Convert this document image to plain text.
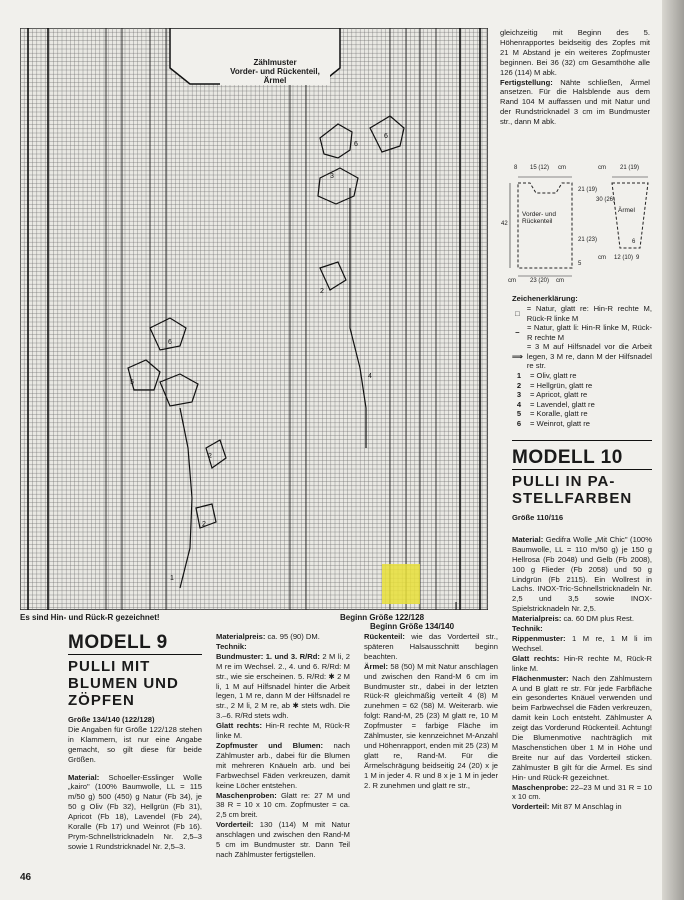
3
6
6
2
4
5
6
2
2
1
Zählmuster
Vorder- und Rückenteil,
Ärmel
Es sind Hin- und Rück-R gezeichnet!	Beginn Größe 122/128
Beginn Größe 134/140

gleichzeitig mit Beginn des 5. Höhenrapportes beidseitig des Zopfes mit 21 M Abstand je ein weiteres Zopfmuster beginnen. Bei 36 (32) cm Gesamthöhe alle 126 (114) M abk.

Fertigstellung: Nähte schließen, Ärmel ansetzen. Für die Halsblende aus dem Rand 104 M auffassen und mit Natur und der Rundstricknadel 3 cm im Bundmuster str., dann M abk.

8 15 (12) cm	cm 21 (19)
42
21 (19)
21 (23)
5
30 (26)
6
cm
23 (20)
cm
12 (10) 9
cm
Vorder- und Rückenteil
Ärmel
Zeichenerklärung:
□
= Natur, glatt re: Hin-R rechte M, Rück-R linke M
−
= Natur, glatt li: Hin-R linke M, Rück-R rechte M
⟹
= 3 M auf Hilfsnadel vor die Arbeit legen, 3 M re, dann M der Hilfsnadel re str.
1	= Oliv, glatt re
2	= Hellgrün, glatt re
3	= Apricot, glatt re
4	= Lavendel, glatt re
5	= Koralle, glatt re
6	= Weinrot, glatt re
MODELL 10
PULLI IN PA-
STELLFARBEN

Größe 110/116

Material: Gedifra Wolle „Mit Chic" (100% Baumwolle, LL = 110 m/50 g) je 150 g Hellrosa (Fb 2048) und Gelb (Fb 2008), 100 g Flieder (Fb 2058) und 50 g Lindgrün (Fb 2115). Ein Wollrest in Lachs. INOX-Tric-Schnellstricknadeln Nr. 2,5 und 3,5 sowie INOX-Spielstricknadeln Nr. 2,5.

Materialpreis: ca. 60 DM plus Rest.

Technik:

Rippenmuster: 1 M re, 1 M li im Wechsel.

Glatt rechts: Hin-R rechte M, Rück-R linke M.

Flächenmuster: Nach den Zählmustern A und B glatt re str. Für jede Farbfläche ein gesondertes Knäuel verwenden und beim Farbwechsel die Fäden verkreuzen, damit kein Loch entsteht. Zählmuster A zeigt das Vorderund Rückenteil. Achtung! Die Blumenmotive nachträglich mit Maschenstichen über 1 M in Höhe und Breite nur auf das Vorderteil sticken. Zählmuster B gilt für die Ärmel. Es sind Hin- und Rück-R gezeichnet.

Maschenprobe: 22–23 M und 31 R = 10 x 10 cm.

Vorderteil: Mit 87 M Anschlag in

MODELL 9
PULLI MIT
BLUMEN UND
ZÖPFEN

Größe 134/140 (122/128)

Die Angaben für Größe 122/128 stehen in Klammern, ist nur eine Angabe gemacht, so gilt diese für beide Größen.

Material: Schoeller-Esslinger Wolle „kairo" (100% Baumwolle, LL = 115 m/50 g) 500 (450) g Natur (Fb 34), je 50 g Oliv (Fb 32), Hellgrün (Fb 31), Apricot (Fb 18), Lavendel (Fb 24), Koralle (Fb 17) und Weinrot (Fb 16). Prym-Schnellstricknadeln Nr. 2,5–3 sowie 1 Rundstricknadel Nr. 2,5–3.

Materialpreis: ca. 95 (90) DM.

Technik:

Bundmuster: 1. und 3. R/Rd: 2 M li, 2 M re im Wechsel. 2., 4. und 6. R/Rd: M str., wie sie erscheinen. 5. R/Rd: ✱ 2 M li, 1 M auf Hilfsnadel hinter die Arbeit legen, 1 M re, dann M der Hilfsnadel re str., 2 M li, 2 M re, ab ✱ stets wdh. Die 3.–6. R/Rd stets wdh.

Glatt rechts: Hin-R rechte M, Rück-R linke M.

Zopfmuster und Blumen: nach Zählmuster arb., dabei für die Blumen mit mehreren Knäueln arb. und bei Farbwechsel Fäden verkreuzen, damit keine Löcher entstehen.

Maschenproben: Glatt re: 27 M und 38 R = 10 x 10 cm. Zopfmuster = ca. 2,5 cm breit.

Vorderteil: 130 (114) M mit Natur anschlagen und zwischen den Rand-M 5 cm im Bundmuster str. Dann Teil nach Zählmuster fertigstellen.

Rückenteil: wie das Vorderteil str., späteren Halsausschnitt beginn beachten.

Ärmel: 58 (50) M mit Natur anschlagen und zwischen den Rand-M 6 cm im Bundmuster str., dabei in der letzten Rück-R gleichmäßig verteilt 4 (8) M zunehmen = 62 (58) M. Weiterarb. wie folgt: Rand-M, 25 (23) M glatt re, 10 M Zopfmuster = farbige Fläche im Zählmuster, sie kennzeichnet M-Anzahl und Höhenrapport, enden mit 25 (23) M glatt re, Rand-M. Für die Ärmelschrägung beidseitig 24 (20) x je 1 M in jeder 4. R und 8 x je 1 M in jeder 2. R zunehmen und glatt re str.,

46
